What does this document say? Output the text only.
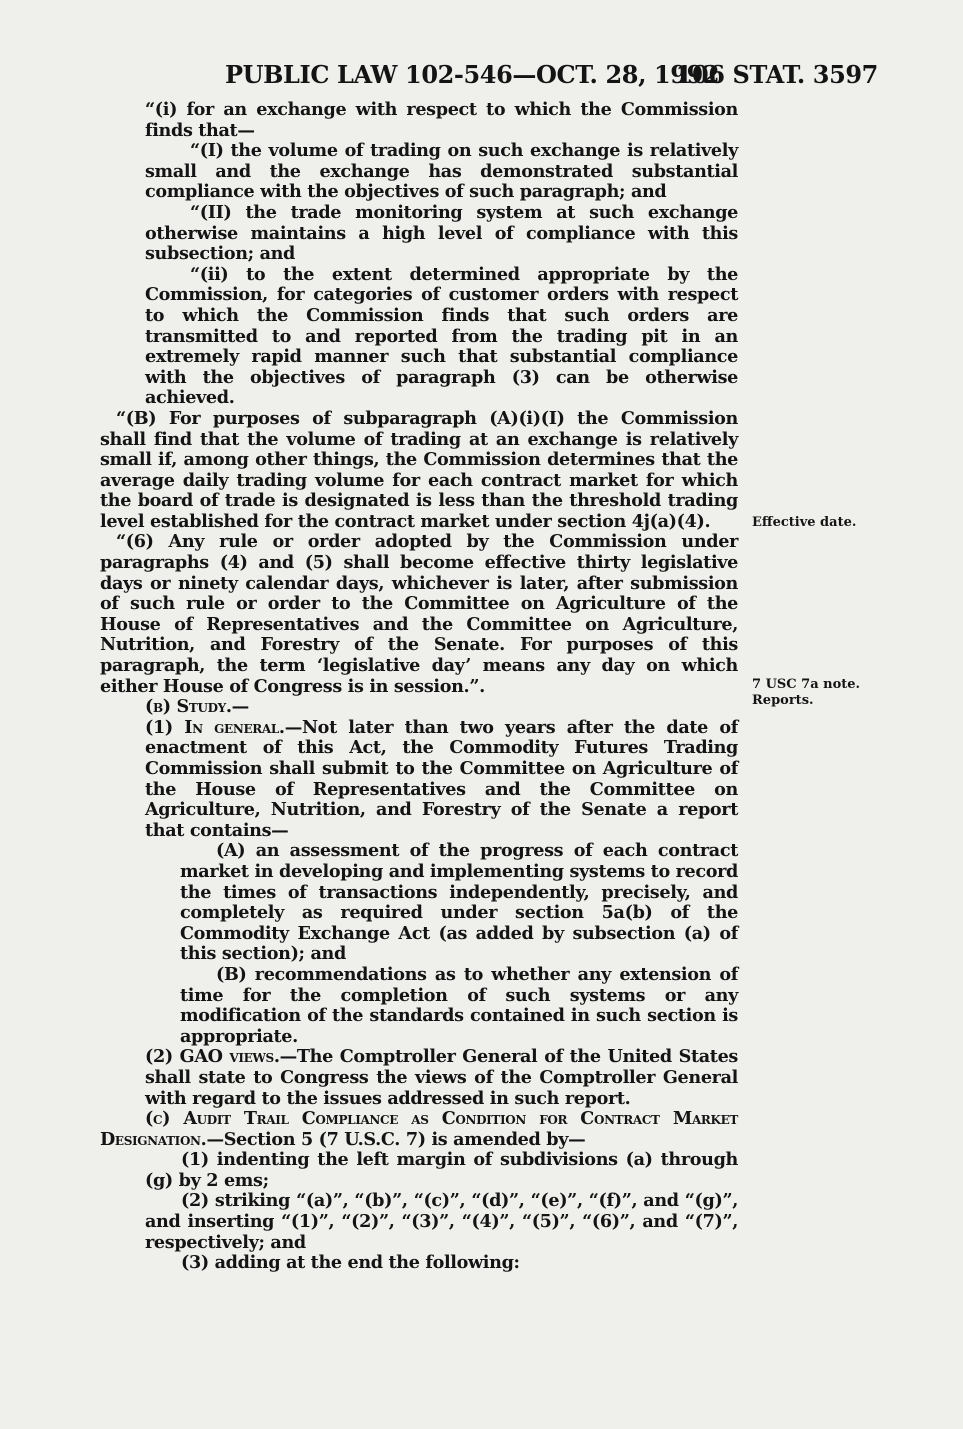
PUBLIC LAW 102-546—OCT. 28, 1992
106 STAT. 3597

“(i) for an exchange with respect to which the Commission finds that—

“(I) the volume of trading on such exchange is relatively small and the exchange has demonstrated substantial compliance with the objectives of such paragraph; and

“(II) the trade monitoring system at such exchange otherwise maintains a high level of compliance with this subsection; and

“(ii) to the extent determined appropriate by the Commission, for categories of customer orders with respect to which the Commission finds that such orders are transmitted to and reported from the trading pit in an extremely rapid manner such that substantial compliance with the objectives of paragraph (3) can be otherwise achieved.

“(B) For purposes of subparagraph (A)(i)(I) the Commission shall find that the volume of trading at an exchange is relatively small if, among other things, the Commission determines that the average daily trading volume for each contract market for which the board of trade is designated is less than the threshold trading level established for the contract market under section 4j(a)(4).

“(6) Any rule or order adopted by the Commission under paragraphs (4) and (5) shall become effective thirty legislative days or ninety calendar days, whichever is later, after submission of such rule or order to the Committee on Agriculture of the House of Representatives and the Committee on Agriculture, Nutrition, and Forestry of the Senate. For purposes of this paragraph, the term ‘legislative day’ means any day on which either House of Congress is in session.”.

(b) Study.—

(1) In general.—Not later than two years after the date of enactment of this Act, the Commodity Futures Trading Commission shall submit to the Committee on Agriculture of the House of Representatives and the Committee on Agriculture, Nutrition, and Forestry of the Senate a report that contains—

(A) an assessment of the progress of each contract market in developing and implementing systems to record the times of transactions independently, precisely, and completely as required under section 5a(b) of the Commodity Exchange Act (as added by subsection (a) of this section); and

(B) recommendations as to whether any extension of time for the completion of such systems or any modification of the standards contained in such section is appropriate.

(2) GAO views.—The Comptroller General of the United States shall state to Congress the views of the Comptroller General with regard to the issues addressed in such report.

(c) Audit Trail Compliance as Condition for Contract Market Designation.—Section 5 (7 U.S.C. 7) is amended by—

(1) indenting the left margin of subdivisions (a) through (g) by 2 ems;

(2) striking “(a)”, “(b)”, “(c)”, “(d)”, “(e)”, “(f)”, and “(g)”, and inserting “(1)”, “(2)”, “(3)”, “(4)”, “(5)”, “(6)”, and “(7)”, respectively; and

(3) adding at the end the following:

Effective date.
7 USC 7a note.
Reports.
